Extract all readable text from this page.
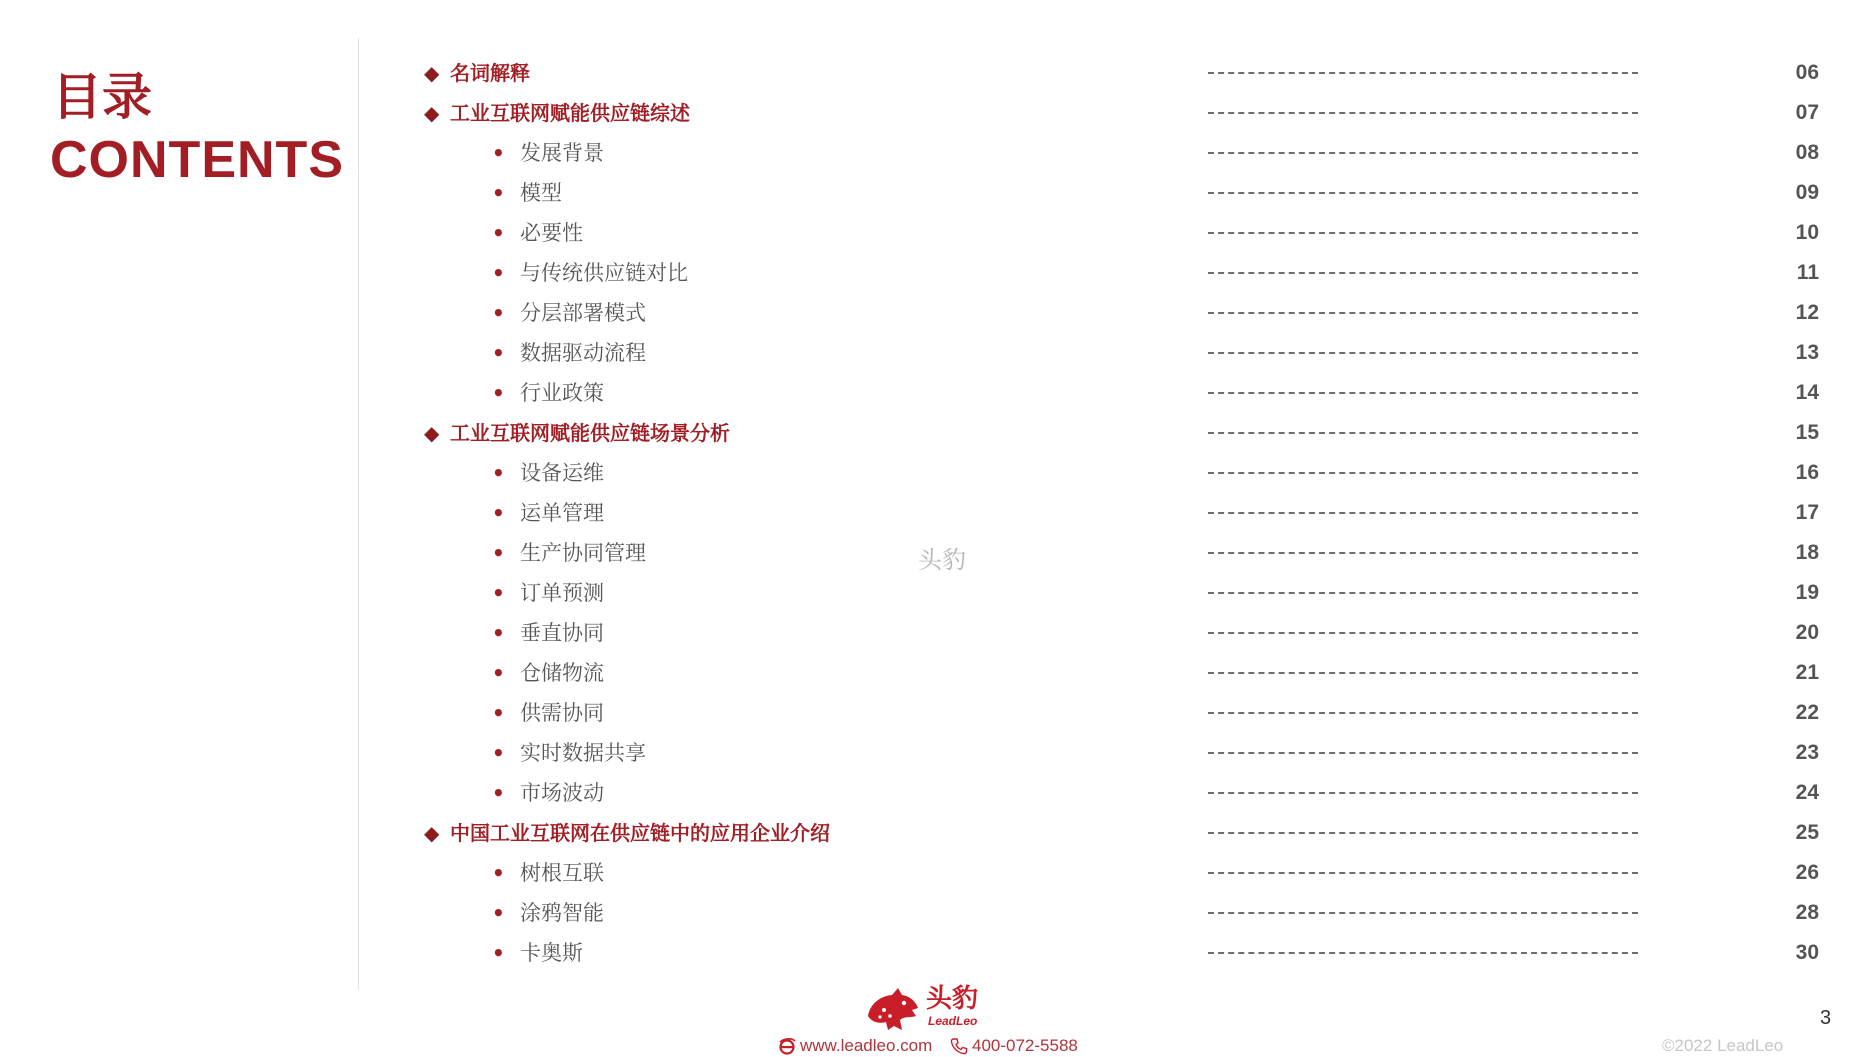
目录
CONTENTS
◆ 名词解释	06
◆ 工业互联网赋能供应链综述	07
• 发展背景	08
• 模型	09
• 必要性	10
• 与传统供应链对比	11
• 分层部署模式	12
• 数据驱动流程	13
• 行业政策	14
◆ 工业互联网赋能供应链场景分析	15
• 设备运维	16
• 运单管理	17
• 生产协同管理	18
• 订单预测	19
• 垂直协同	20
• 仓储物流	21
• 供需协同	22
• 实时数据共享	23
• 市场波动	24
◆ 中国工业互联网在供应链中的应用企业介绍	25
• 树根互联	26
• 涂鸦智能	28
• 卡奥斯	30
头豹
头豹
LeadLeo
www.leadleo.com 400-072-5588	©2022 LeadLeo
3
